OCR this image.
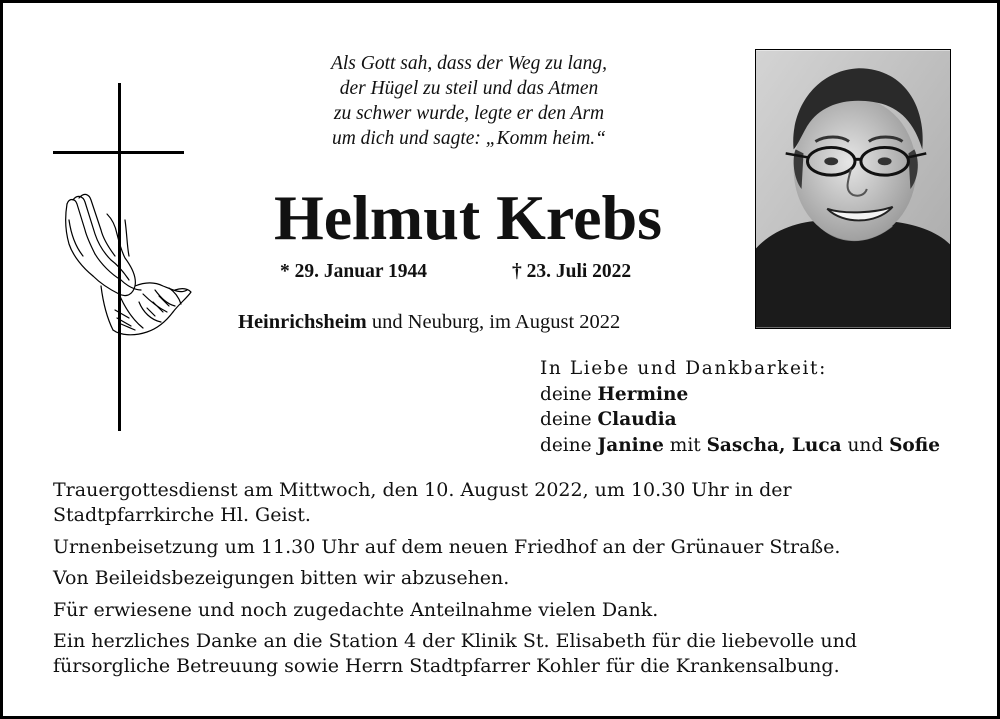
Als Gott sah, dass der Weg zu lang,
der Hügel zu steil und das Atmen
zu schwer wurde, legte er den Arm
um dich und sagte: „Komm heim.“
Helmut Krebs
* 29. Januar 1944	† 23. Juli 2022
Heinrichsheim und Neuburg, im August 2022
In Liebe und Dankbarkeit:
deine Hermine
deine Claudia
deine Janine mit Sascha, Luca und Sofie

Trauergottesdienst am Mittwoch, den 10. August 2022, um 10.30 Uhr in der Stadtpfarrkirche Hl. Geist.

Urnenbeisetzung um 11.30 Uhr auf dem neuen Friedhof an der Grünauer Straße.

Von Beileidsbezeigungen bitten wir abzusehen.

Für erwiesene und noch zugedachte Anteilnahme vielen Dank.

Ein herzliches Danke an die Station 4 der Klinik St. Elisabeth für die liebevolle und fürsorgliche Betreuung sowie Herrn Stadtpfarrer Kohler für die Krankensalbung.
